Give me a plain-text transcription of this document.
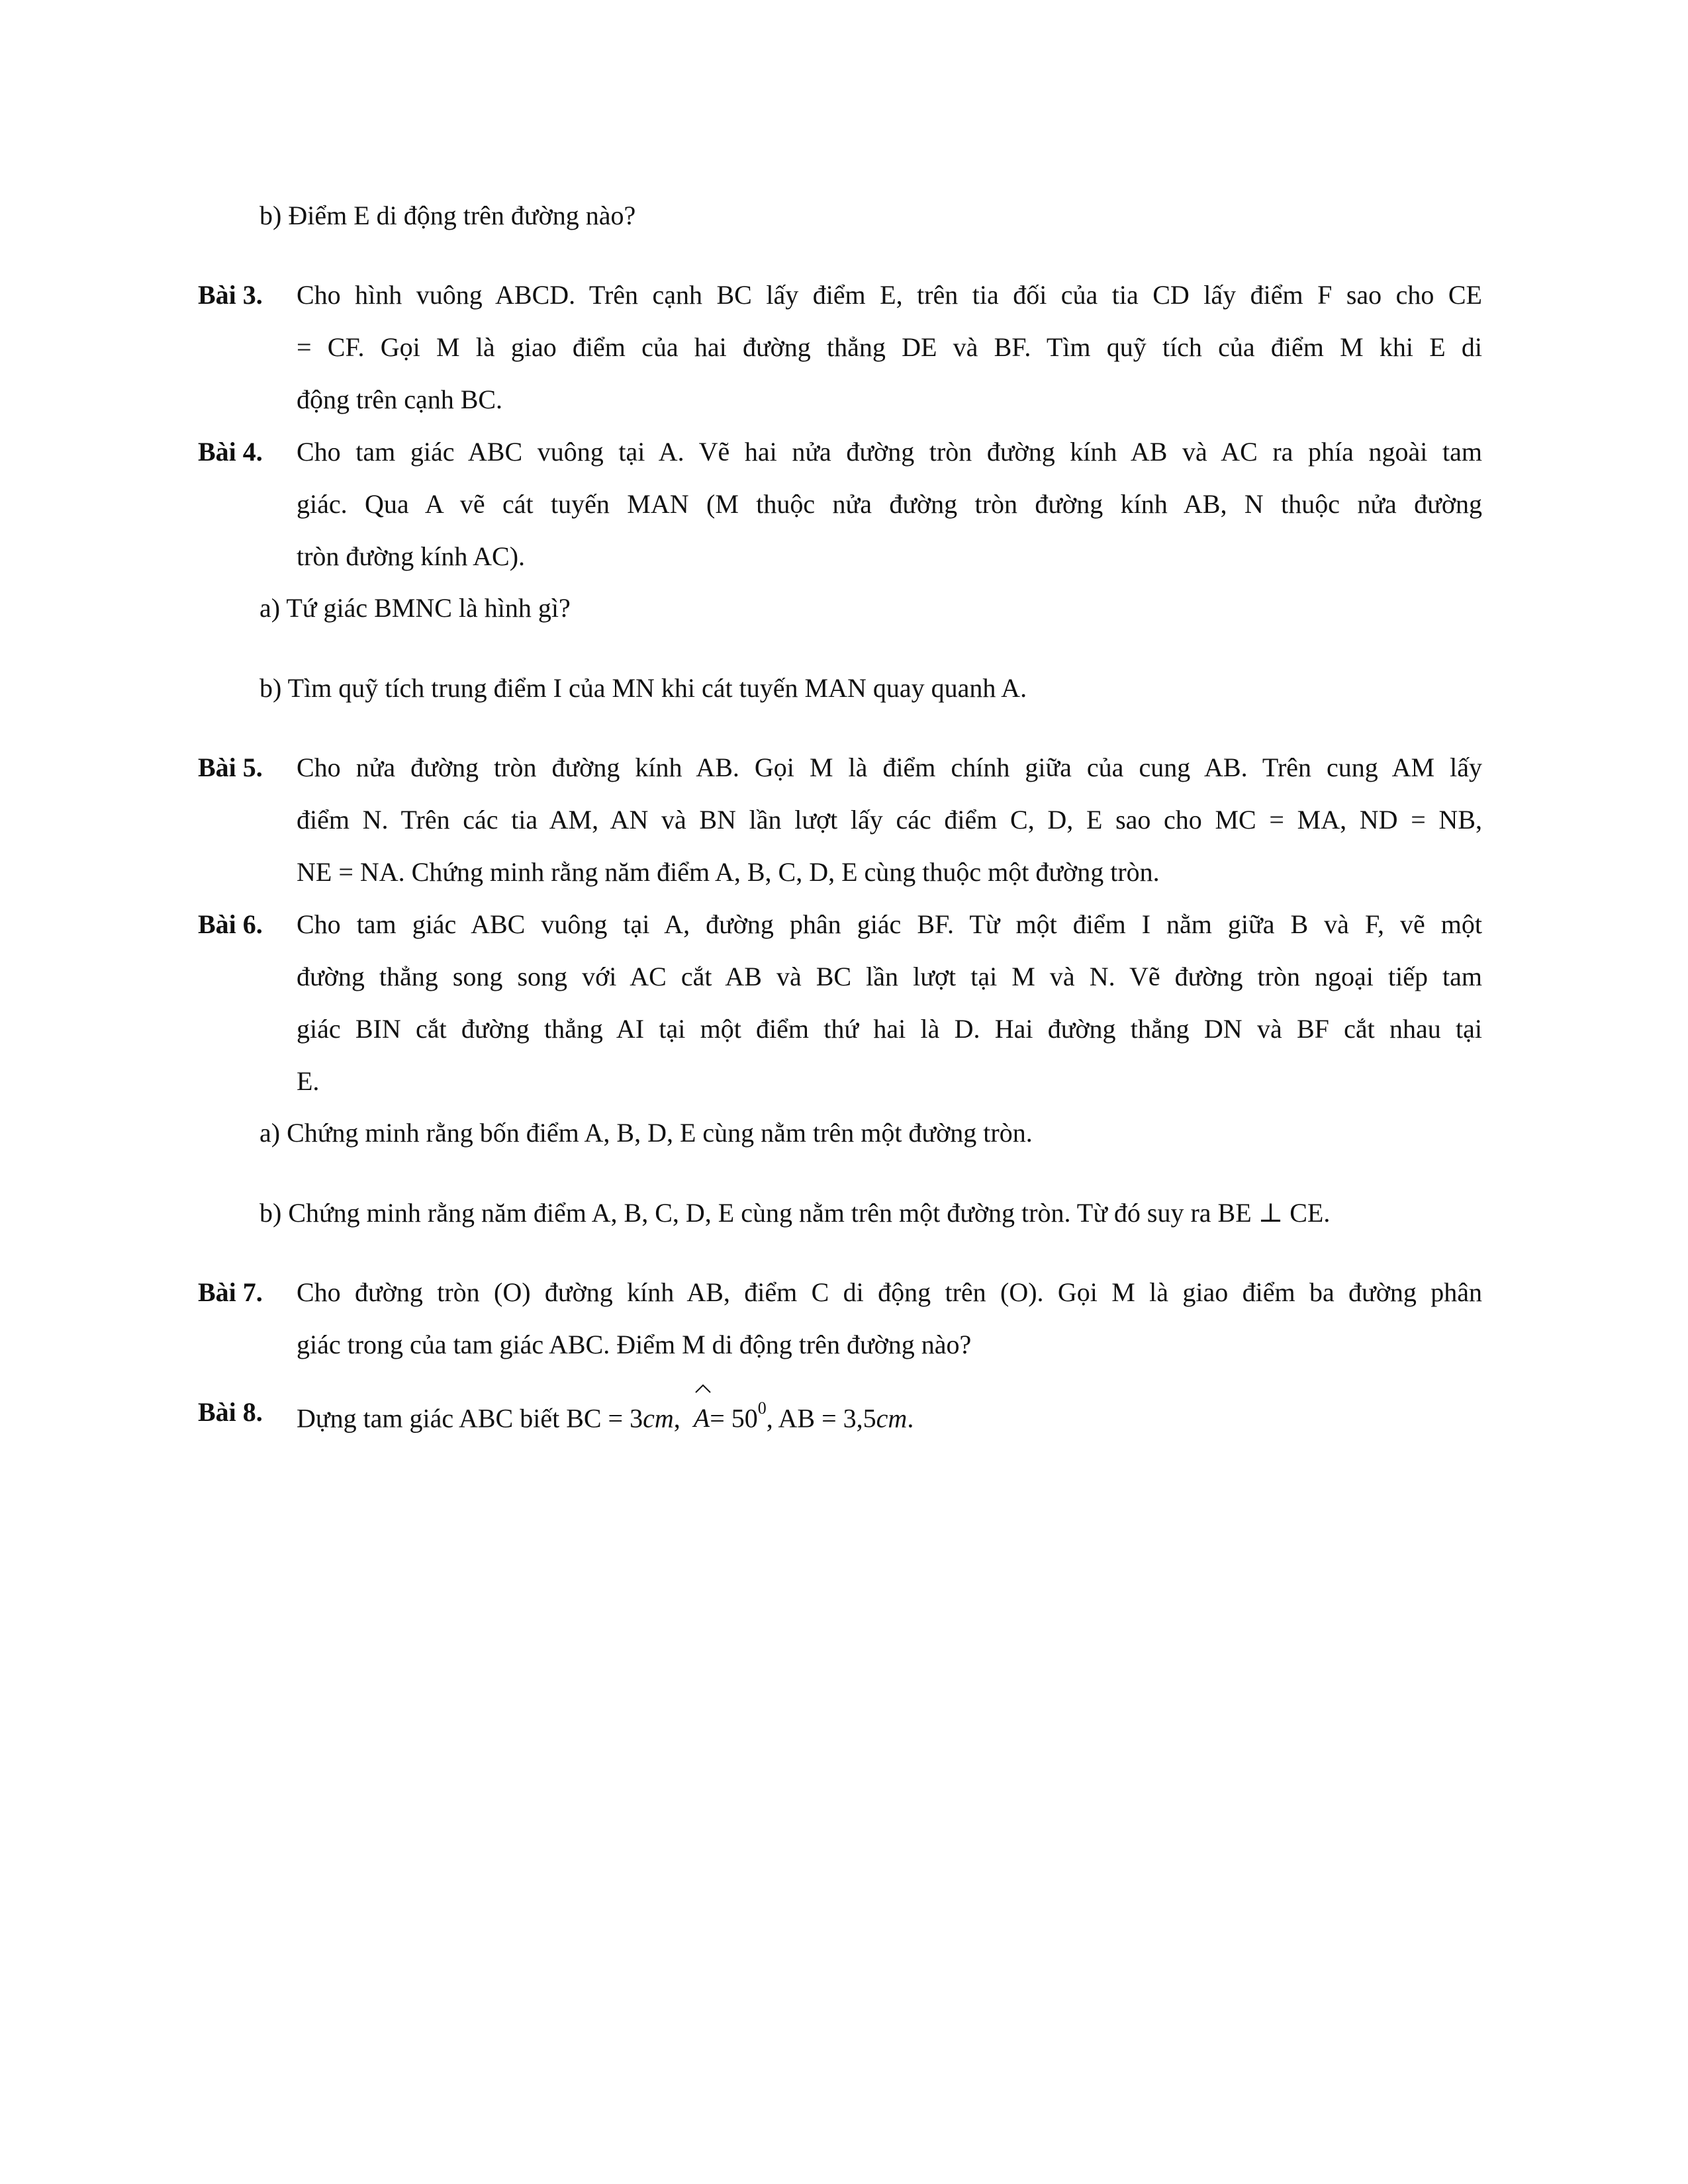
b) Điểm E di động trên đường nào?
Bài 3. Cho hình vuông ABCD. Trên cạnh BC lấy điểm E, trên tia đối của tia CD lấy điểm F sao cho CE
= CF. Gọi M là giao điểm của hai đường thẳng DE và BF. Tìm quỹ tích của điểm M khi E di
động trên cạnh BC.
Bài 4. Cho tam giác ABC vuông tại A. Vẽ hai nửa đường tròn đường kính AB và AC ra phía ngoài tam
giác. Qua A vẽ cát tuyến MAN (M thuộc nửa đường tròn đường kính AB, N thuộc nửa đường
tròn đường kính AC).
a) Tứ giác BMNC là hình gì?
b) Tìm quỹ tích trung điểm I của MN khi cát tuyến MAN quay quanh A.
Bài 5. Cho nửa đường tròn đường kính AB. Gọi M là điểm chính giữa của cung AB. Trên cung AM lấy
điểm N. Trên các tia AM, AN và BN lần lượt lấy các điểm C, D, E sao cho MC = MA, ND = NB,
NE = NA. Chứng minh rằng năm điểm A, B, C, D, E cùng thuộc một đường tròn.
Bài 6. Cho tam giác ABC vuông tại A, đường phân giác BF. Từ một điểm I nằm giữa B và F, vẽ một
đường thẳng song song với AC cắt AB và BC lần lượt tại M và N. Vẽ đường tròn ngoại tiếp tam
giác BIN cắt đường thẳng AI tại một điểm thứ hai là D. Hai đường thẳng DN và BF cắt nhau tại
E.
a) Chứng minh rằng bốn điểm A, B, D, E cùng nằm trên một đường tròn.
b) Chứng minh rằng năm điểm A, B, C, D, E cùng nằm trên một đường tròn. Từ đó suy ra BE ⊥ CE.
Bài 7. Cho đường tròn (O) đường kính AB, điểm C di động trên (O). Gọi M là giao điểm ba đường phân
giác trong của tam giác ABC. Điểm M di động trên đường nào?
Bài 8. Dựng tam giác ABC biết BC = 3cm, $A= 50^0$, AB = 3,5cm.
